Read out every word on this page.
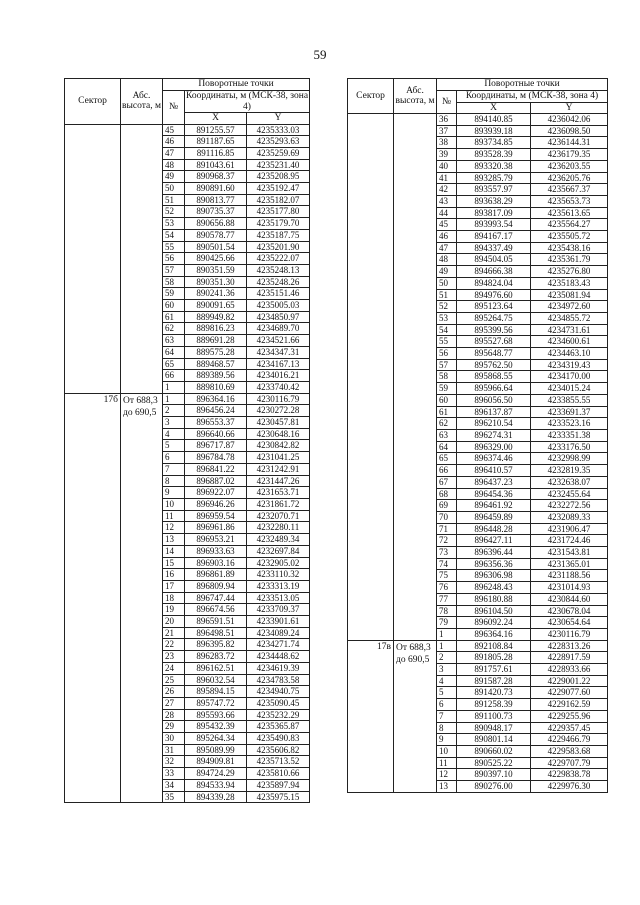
59
Сектор	Абс. высота, м	Поворотные точки		
		№	Координаты, м (МСК-38, зона 4)	
			X	Y
		45	891255.57	4235333.03
		46	891187.65	4235293.63
		47	891116.85	4235259.69
		48	891043.61	4235231.40
		49	890968.37	4235208.95
		50	890891.60	4235192.47
		51	890813.77	4235182.07
		52	890735.37	4235177.80
		53	890656.88	4235179.70
		54	890578.77	4235187.75
		55	890501.54	4235201.90
		56	890425.66	4235222.07
		57	890351.59	4235248.13
		58	890351.30	4235248.26
		59	890241.36	4235151.46
		60	890091.65	4235005.03
		61	889949.82	4234850.97
		62	889816.23	4234689.70
		63	889691.28	4234521.66
		64	889575.28	4234347.31
		65	889468.57	4234167.13
		66	889389.56	4234016.21
		1	889810.69	4233740.42
17б	От 688,3 до 690,5	1	896364.16	4230116.79
		2	896456.24	4230272.28
		3	896553.37	4230457.81
		4	896640.66	4230648.16
		5	896717.87	4230842.82
		6	896784.78	4231041.25
		7	896841.22	4231242.91
		8	896887.02	4231447.26
		9	896922.07	4231653.71
		10	896946.26	4231861.72
		11	896959.54	4232070.71
		12	896961.86	4232280.11
		13	896953.21	4232489.34
		14	896933.63	4232697.84
		15	896903.16	4232905.02
		16	896861.89	4233110.32
		17	896809.94	4233313.19
		18	896747.44	4233513.05
		19	896674.56	4233709.37
		20	896591.51	4233901.61
		21	896498.51	4234089.24
		22	896395.82	4234271.74
		23	896283.72	4234448.62
		24	896162.51	4234619.39
		25	896032.54	4234783.58
		26	895894.15	4234940.75
		27	895747.72	4235090.45
		28	895593.66	4235232.29
		29	895432.39	4235365.87
		30	895264.34	4235490.83
		31	895089.99	4235606.82
		32	894909.81	4235713.52
		33	894724.29	4235810.66
		34	894533.94	4235897.94
		35	894339.28	4235975.15
Сектор	Абс. высота, м	Поворотные точки		
		№	Координаты, м (МСК-38, зона 4)	
			X	Y
		36	894140.85	4236042.06
		37	893939.18	4236098.50
		38	893734.85	4236144.31
		39	893528.39	4236179.35
		40	893320.38	4236203.55
		41	893285.79	4236205.76
		42	893557.97	4235667.37
		43	893638.29	4235653.73
		44	893817.09	4235613.65
		45	893993.54	4235564.27
		46	894167.17	4235505.72
		47	894337.49	4235438.16
		48	894504.05	4235361.79
		49	894666.38	4235276.80
		50	894824.04	4235183.43
		51	894976.60	4235081.94
		52	895123.64	4234972.60
		53	895264.75	4234855.72
		54	895399.56	4234731.61
		55	895527.68	4234600.61
		56	895648.77	4234463.10
		57	895762.50	4234319.43
		58	895868.55	4234170.00
		59	895966.64	4234015.24
		60	896056.50	4233855.55
		61	896137.87	4233691.37
		62	896210.54	4233523.16
		63	896274.31	4233351.38
		64	896329.00	4233176.50
		65	896374.46	4232998.99
		66	896410.57	4232819.35
		67	896437.23	4232638.07
		68	896454.36	4232455.64
		69	896461.92	4232272.56
		70	896459.89	4232089.33
		71	896448.28	4231906.47
		72	896427.11	4231724.46
		73	896396.44	4231543.81
		74	896356.36	4231365.01
		75	896306.98	4231188.56
		76	896248.43	4231014.93
		77	896180.88	4230844.60
		78	896104.50	4230678.04
		79	896092.24	4230654.64
		1	896364.16	4230116.79
17в	От 688,3 до 690,5	1	892108.84	4228313.26
		2	891805.28	4228917.59
		3	891757.61	4228933.66
		4	891587.28	4229001.22
		5	891420.73	4229077.60
		6	891258.39	4229162.59
		7	891100.73	4229255.96
		8	890948.17	4229357.45
		9	890801.14	4229466.79
		10	890660.02	4229583.68
		11	890525.22	4229707.79
		12	890397.10	4229838.78
		13	890276.00	4229976.30
